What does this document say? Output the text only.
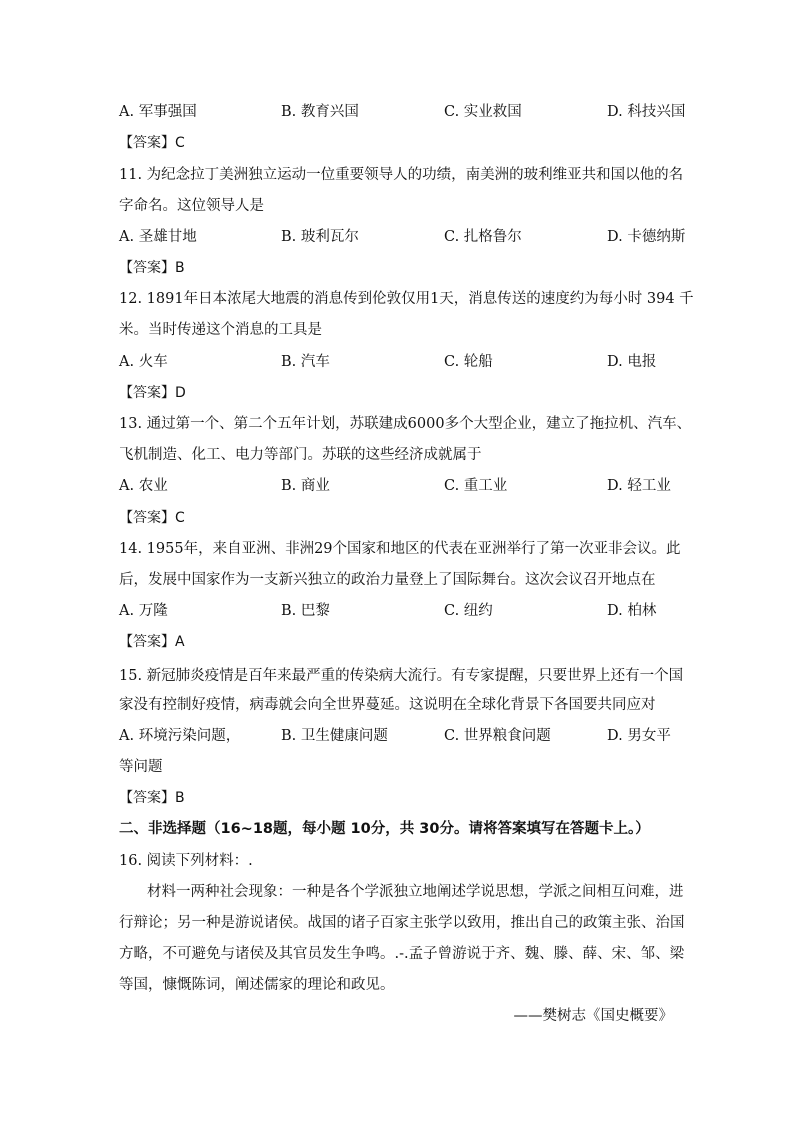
A. 军事强国	B. 教育兴国	C. 实业救国	D. 科技兴国
【答案】C
11. 为纪念拉丁美洲独立运动一位重要领导人的功绩，南美洲的玻利维亚共和国以他的名
字命名。这位领导人是
A. 圣雄甘地	B. 玻利瓦尔	C. 扎格鲁尔	D. 卡德纳斯
【答案】B
12. 1891年日本浓尾大地震的消息传到伦敦仅用1天，消息传送的速度约为每小时 394 千
米。当时传递这个消息的工具是
A. 火车	B. 汽车	C. 轮船	D. 电报
【答案】D
13. 通过第一个、第二个五年计划，苏联建成6000多个大型企业，建立了拖拉机、汽车、
飞机制造、化工、电力等部门。苏联的这些经济成就属于
A. 农业	B. 商业	C. 重工业	D. 轻工业
【答案】C
14. 1955年，来自亚洲、非洲29个国家和地区的代表在亚洲举行了第一次亚非会议。此
后，发展中国家作为一支新兴独立的政治力量登上了国际舞台。这次会议召开地点在
A. 万隆	B. 巴黎	C. 纽约	D. 柏林
【答案】A
15. 新冠肺炎疫情是百年来最严重的传染病大流行。有专家提醒，只要世界上还有一个国
家没有控制好疫情，病毒就会向全世界蔓延。这说明在全球化背景下各国要共同应对
A. 环境污染问题，	B. 卫生健康问题	C. 世界粮食问题	D. 男女平
等问题
【答案】B
二、非选择题（16~18题，每小题 10分，共 30分。请将答案填写在答题卡上。）
16. 阅读下列材料：.
材料一两种社会现象：一种是各个学派独立地阐述学说思想，学派之间相互问难，进
行辩论；另一种是游说诸侯。战国的诸子百家主张学以致用，推出自己的政策主张、治国
方略，不可避免与诸侯及其官员发生争鸣。.-.孟子曾游说于齐、魏、滕、薛、宋、邹、梁
等国，慷慨陈词，阐述儒家的理论和政见。
——樊树志《国史概要》
